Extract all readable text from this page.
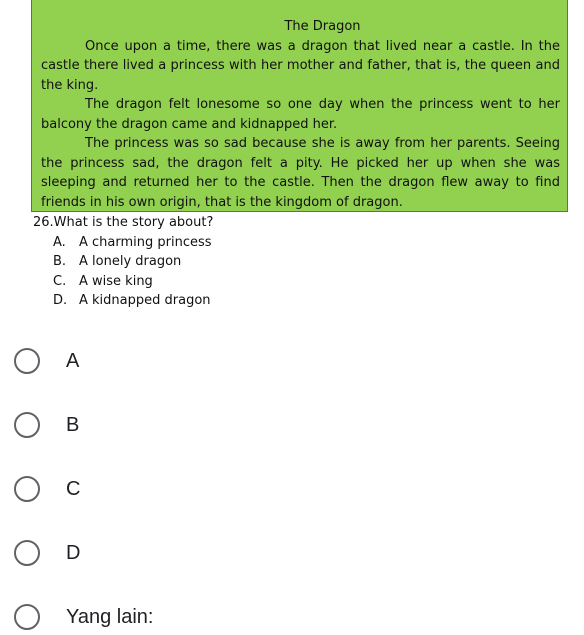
The Dragon

Once upon a time, there was a dragon that lived near a castle. In the castle there lived a princess with her mother and father, that is, the queen and the king.

The dragon felt lonesome so one day when the princess went to her balcony the dragon came and kidnapped her.

The princess was so sad because she is away from her parents. Seeing the princess sad, the dragon felt a pity. He picked her up when she was sleeping and returned her to the castle. Then the dragon flew away to find friends in his own origin, that is the kingdom of dragon.

26.What is the story about?

A.	A charming princess
B. A lonely dragon
C. A wise king
D. A kidnapped dragon
A
B
C
D
Yang lain:
